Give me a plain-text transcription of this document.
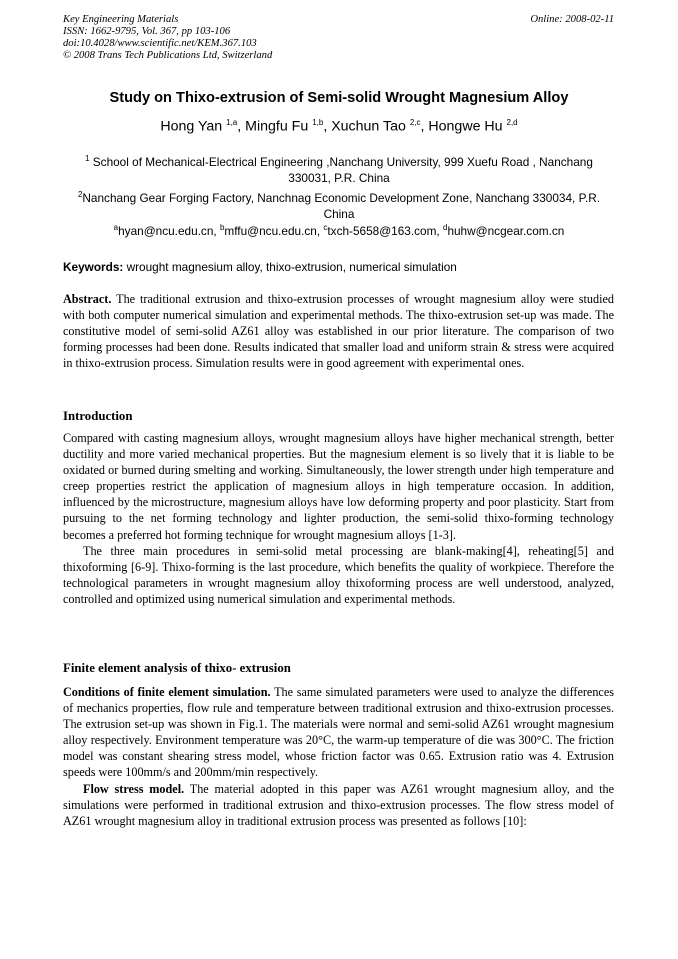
Key Engineering Materials
ISSN: 1662-9795, Vol. 367, pp 103-106
doi:10.4028/www.scientific.net/KEM.367.103
© 2008 Trans Tech Publications Ltd, Switzerland
Online: 2008-02-11
Study on Thixo-extrusion of Semi-solid Wrought Magnesium Alloy
Hong Yan $^{1,a}$, Mingfu Fu $^{1,b}$, Xuchun Tao $^{2,c}$, Hongwe Hu $^{2,d}$
$^1$ School of Mechanical-Electrical Engineering ,Nanchang University, 999 Xuefu Road , Nanchang 330031, P.R. China
$^2$Nanchang Gear Forging Factory, Nanchnag Economic Development Zone, Nanchang 330034, P.R. China
$^a$hyan@ncu.edu.cn, $^b$mffu@ncu.edu.cn, $^c$txch-5658@163.com, $^d$huhw@ncgear.com.cn
Keywords: wrought magnesium alloy, thixo-extrusion, numerical simulation
Abstract. The traditional extrusion and thixo-extrusion processes of wrought magnesium alloy were studied with both computer numerical simulation and experimental methods. The thixo-extrusion set-up was made. The constitutive model of semi-solid AZ61 alloy was established in our prior literature. The comparison of two forming processes had been done. Results indicated that smaller load and uniform strain & stress were acquired in thixo-extrusion process. Simulation results were in good agreement with experimental ones.
Introduction
Compared with casting magnesium alloys, wrought magnesium alloys have higher mechanical strength, better ductility and more varied mechanical properties. But the magnesium element is so lively that it is liable to be oxidated or burned during smelting and working. Simultaneously, the lower strength under high temperature and creep properties restrict the application of magnesium alloys in high temperature occasion. In addition, influenced by the microstructure, magnesium alloys have low deforming property and poor plasticity. Start from pursuing to the net forming technology and lighter production, the semi-solid thixo-forming technology becomes a preferred hot forming technique for wrought magnesium alloys [1-3].
The three main procedures in semi-solid metal processing are blank-making[4], reheating[5] and thixoforming [6-9]. Thixo-forming is the last procedure, which benefits the quality of workpiece. Therefore the technological parameters in wrought magnesium alloy thixoforming process are well understood, analyzed, controlled and optimized using numerical simulation and experimental methods.
Finite element analysis of thixo- extrusion
Conditions of finite element simulation. The same simulated parameters were used to analyze the differences of mechanics properties, flow rule and temperature between traditional extrusion and thixo-extrusion processes. The extrusion set-up was shown in Fig.1. The materials were normal and semi-solid AZ61 wrought magnesium alloy respectively. Environment temperature was 20°C, the warm-up temperature of die was 300°C. The friction model was constant shearing stress model, whose friction factor was 0.65. Extrusion ratio was 4. Extrusion speeds were 100mm/s and 200mm/min respectively.
Flow stress model. The material adopted in this paper was AZ61 wrought magnesium alloy, and the simulations were performed in traditional extrusion and thixo-extrusion processes. The flow stress model of AZ61 wrought magnesium alloy in traditional extrusion process was presented as follows [10]:
